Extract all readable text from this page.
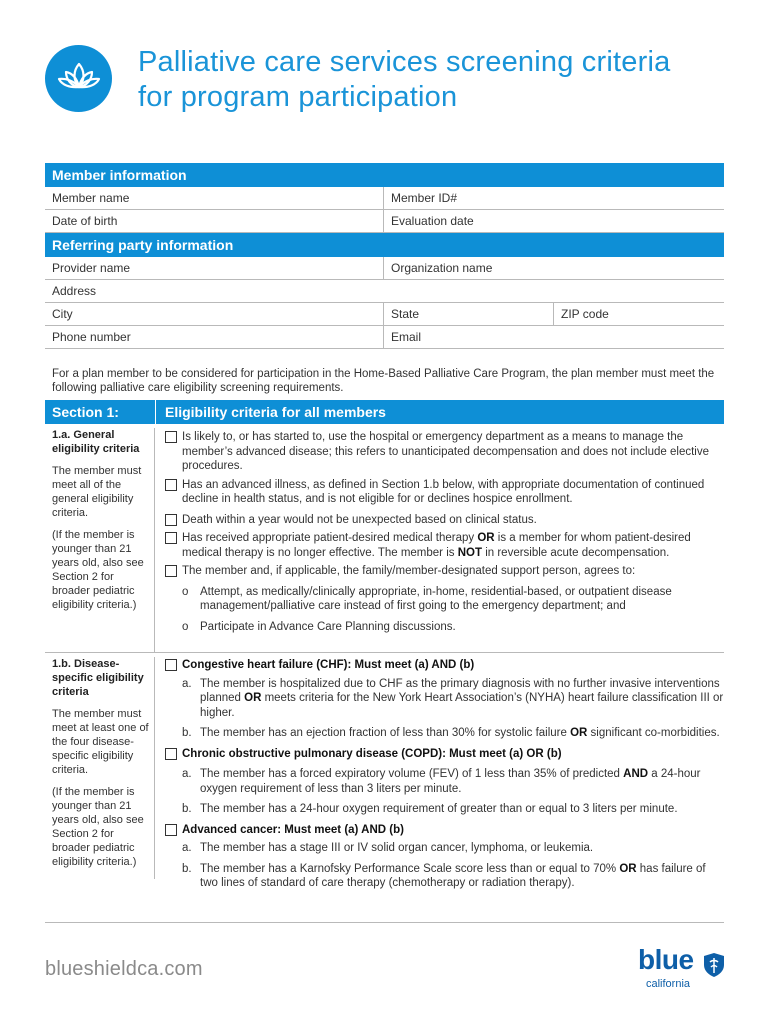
Palliative care services screening criteria
for program participation
Member information
Member name	Member ID#
Date of birth	Evaluation date
Referring party information
Provider name	Organization name
Address
City	State	ZIP code
Phone number	Email
For a plan member to be considered for participation in the Home-Based Palliative Care Program, the plan member must meet the following palliative care eligibility screening requirements.
Section 1:	Eligibility criteria for all members
1.a. General eligibility criteria

The member must meet all of the general eligibility criteria.

(If the member is younger than 21 years old, also see Section 2 for broader pediatric eligibility criteria.)

Is likely to, or has started to, use the hospital or emergency department as a means to manage the member’s advanced disease; this refers to unanticipated decompensation and does not include elective procedures.
Has an advanced illness, as defined in Section 1.b below, with appropriate documentation of continued decline in health status, and is not eligible for or declines hospice enrollment.
Death within a year would not be unexpected based on clinical status.
Has received appropriate patient-desired medical therapy OR is a member for whom patient-desired medical therapy is no longer effective. The member is NOT in reversible acute decompensation.
The member and, if applicable, the family/member-designated support person, agrees to:
o Attempt, as medically/clinically appropriate, in-home, residential-based, or outpatient disease management/palliative care instead of first going to the emergency department; and
o Participate in Advance Care Planning discussions.
1.b. Disease-specific eligibility criteria

The member must meet at least one of the four disease-specific eligibility criteria.

(If the member is younger than 21 years old, also see Section 2 for broader pediatric eligibility criteria.)

Congestive heart failure (CHF): Must meet (a) AND (b)
a. The member is hospitalized due to CHF as the primary diagnosis with no further invasive interventions planned OR meets criteria for the New York Heart Association’s (NYHA) heart failure classification III or higher.
b. The member has an ejection fraction of less than 30% for systolic failure OR significant co-morbidities.
Chronic obstructive pulmonary disease (COPD): Must meet (a) OR (b)
a. The member has a forced expiratory volume (FEV) of 1 less than 35% of predicted AND a 24-hour oxygen requirement of less than 3 liters per minute.
b. The member has a 24-hour oxygen requirement of greater than or equal to 3 liters per minute.
Advanced cancer: Must meet (a) AND (b)
a. The member has a stage III or IV solid organ cancer, lymphoma, or leukemia.
b. The member has a Karnofsky Performance Scale score less than or equal to 70% OR has failure of two lines of standard of care therapy (chemotherapy or radiation therapy).
blueshieldca.com	blue
california
